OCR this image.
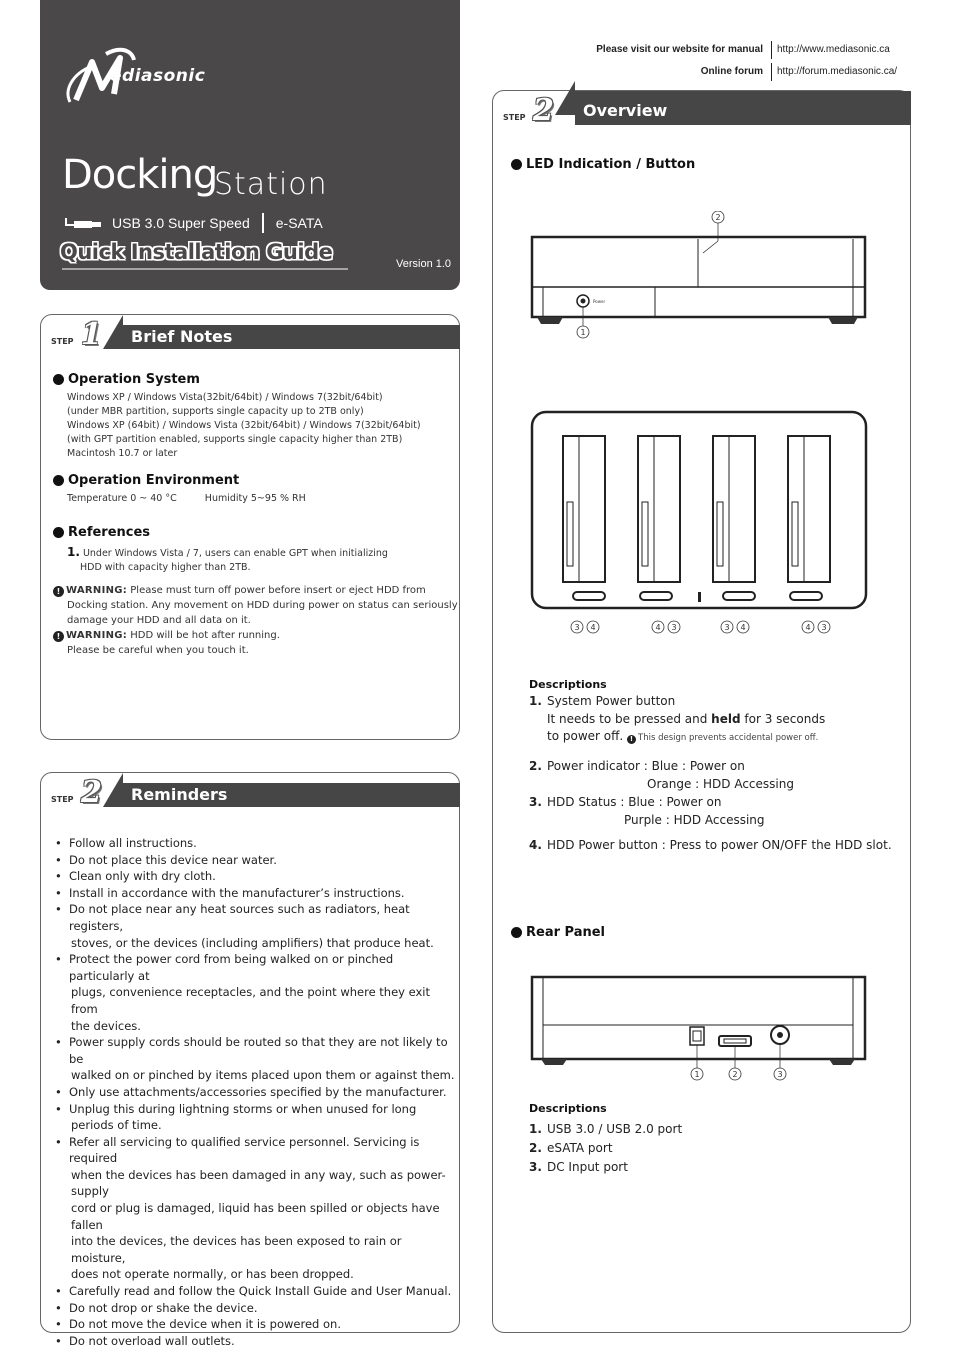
ediasonic
Docking
Station
USB 3.0 Super Speed e-SATA
Quick Installation Guide	Version 1.0
Please visit our website for manual http://www.mediasonic.ca
Online forum http://forum.mediasonic.ca/
STEP 1	Brief Notes
Operation System
Windows XP / Windows Vista(32bit/64bit) / Windows 7(32bit/64bit)
(under MBR partition, supports single capacity up to 2TB only)
Windows XP (64bit) / Windows Vista (32bit/64bit) / Windows 7(32bit/64bit)
(with GPT partition enabled, supports single capacity higher than 2TB)
Macintosh 10.7 or later
Operation Environment
Temperature 0 ~ 40 °C	Humidity 5~95 % RH
References
1. Under Windows Vista / 7, users can enable GPT when initializing
HDD with capacity higher than 2TB.
! WARNING: Please must turn off power before insert or eject HDD from
Docking station. Any movement on HDD during power on status can seriously
damage your HDD and all data on it.
! WARNING: HDD will be hot after running.
Please be careful when you touch it.
STEP 2	Reminders
• Follow all instructions.
• Do not place this device near water.
• Clean only with dry cloth.
• Install in accordance with the manufacturer’s instructions.
• Do not place near any heat sources such as radiators, heat registers,
stoves, or the devices (including amplifiers) that produce heat.
• Protect the power cord from being walked on or pinched particularly at
plugs, convenience receptacles, and the point where they exit from
the devices.
• Power supply cords should be routed so that they are not likely to be
walked on or pinched by items placed upon them or against them.
• Only use attachments/accessories specified by the manufacturer.
• Unplug this during lightning storms or when unused for long
periods of time.
• Refer all servicing to qualified service personnel. Servicing is required
when the devices has been damaged in any way, such as power-supply
cord or plug is damaged, liquid has been spilled or objects have fallen
into the devices, the devices has been exposed to rain or moisture,
does not operate normally, or has been dropped.
• Carefully read and follow the Quick Install Guide and User Manual.
• Do not drop or shake the device.
• Do not move the device when it is powered on.
• Do not overload wall outlets.
STEP 2	Overview
LED Indication / Button
Power
1
2
3 4	4 3	3 4	4 3
Descriptions
1. System Power button
It needs to be pressed and held for 3 seconds
to power off. ! This design prevents accidental power off.
2. Power indicator : Blue : Power on
Orange : HDD Accessing
3. HDD Status : Blue : Power on
Purple : HDD Accessing
4. HDD Power button : Press to power ON/OFF the HDD slot.
Rear Panel
1	2	3
Descriptions
1. USB 3.0 / USB 2.0 port
2. eSATA port
3. DC Input port
